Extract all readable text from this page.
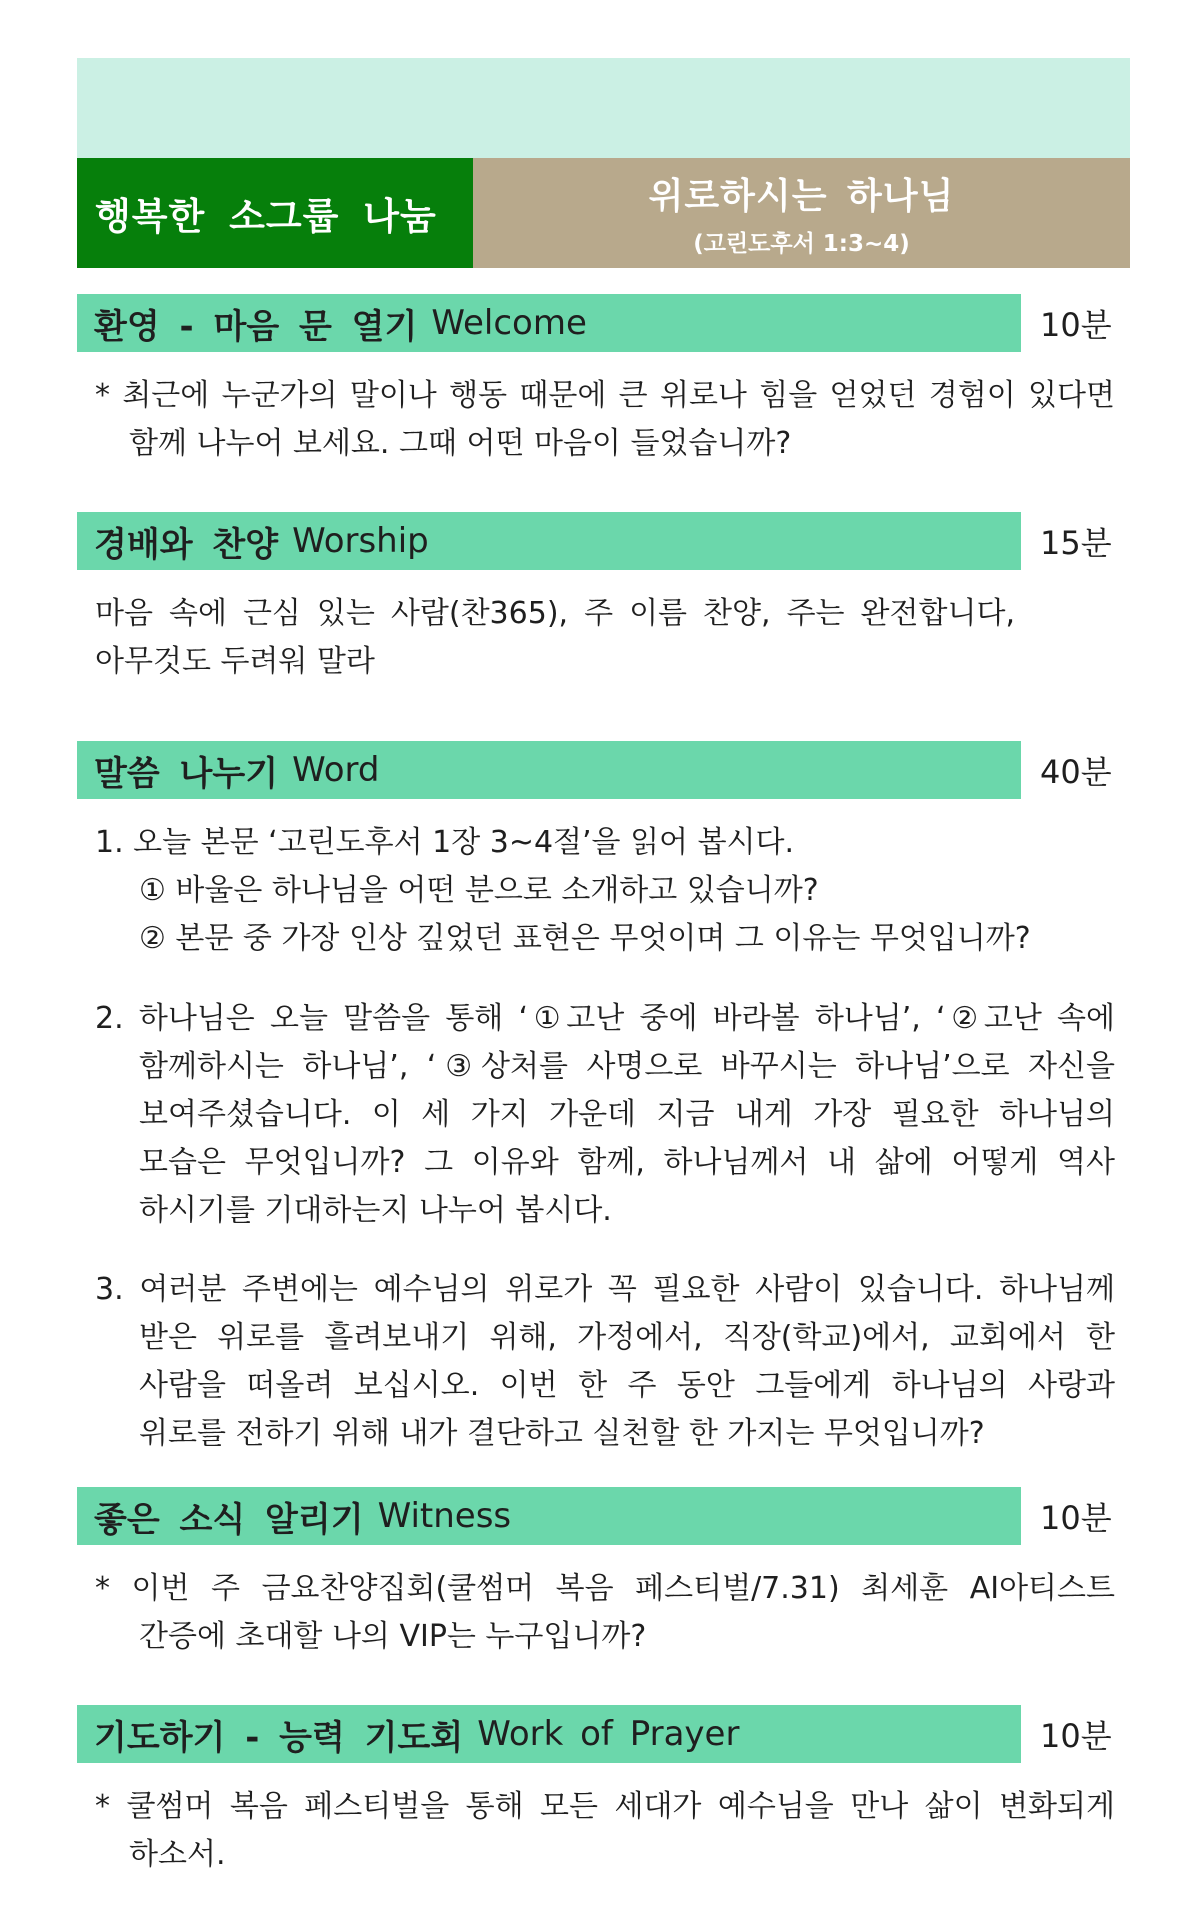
행복한 소그룹 나눔	위로하시는 하나님
(고린도후서 1:3~4)
환영 - 마음 문 열기 Welcome	10분
* 최근에 누군가의 말이나 행동 때문에 큰 위로나 힘을 얻었던 경험이 있다면
함께 나누어 보세요. 그때 어떤 마음이 들었습니까?
경배와 찬양 Worship	15분
마음 속에 근심 있는 사람(찬365), 주 이름 찬양, 주는 완전합니다,
아무것도 두려워 말라
말씀 나누기 Word	40분
1. 오늘 본문 ‘고린도후서 1장 3~4절’을 읽어 봅시다.
① 바울은 하나님을 어떤 분으로 소개하고 있습니까?
② 본문 중 가장 인상 깊었던 표현은 무엇이며 그 이유는 무엇입니까?
2. 하나님은 오늘 말씀을 통해 ‘①고난 중에 바라볼 하나님’, ‘②고난 속에
함께하시는 하나님’, ‘③상처를 사명으로 바꾸시는 하나님’으로 자신을
보여주셨습니다. 이 세 가지 가운데 지금 내게 가장 필요한 하나님의
모습은 무엇입니까? 그 이유와 함께, 하나님께서 내 삶에 어떻게 역사
하시기를 기대하는지 나누어 봅시다.
3. 여러분 주변에는 예수님의 위로가 꼭 필요한 사람이 있습니다. 하나님께
받은 위로를 흘려보내기 위해, 가정에서, 직장(학교)에서, 교회에서 한
사람을 떠올려 보십시오. 이번 한 주 동안 그들에게 하나님의 사랑과
위로를 전하기 위해 내가 결단하고 실천할 한 가지는 무엇입니까?
좋은 소식 알리기 Witness	10분
* 이번 주 금요찬양집회(쿨썸머 복음 페스티벌/7.31) 최세훈 AI아티스트
간증에 초대할 나의 VIP는 누구입니까?
기도하기 - 능력 기도회 Work of Prayer	10분
* 쿨썸머 복음 페스티벌을 통해 모든 세대가 예수님을 만나 삶이 변화되게
하소서.
